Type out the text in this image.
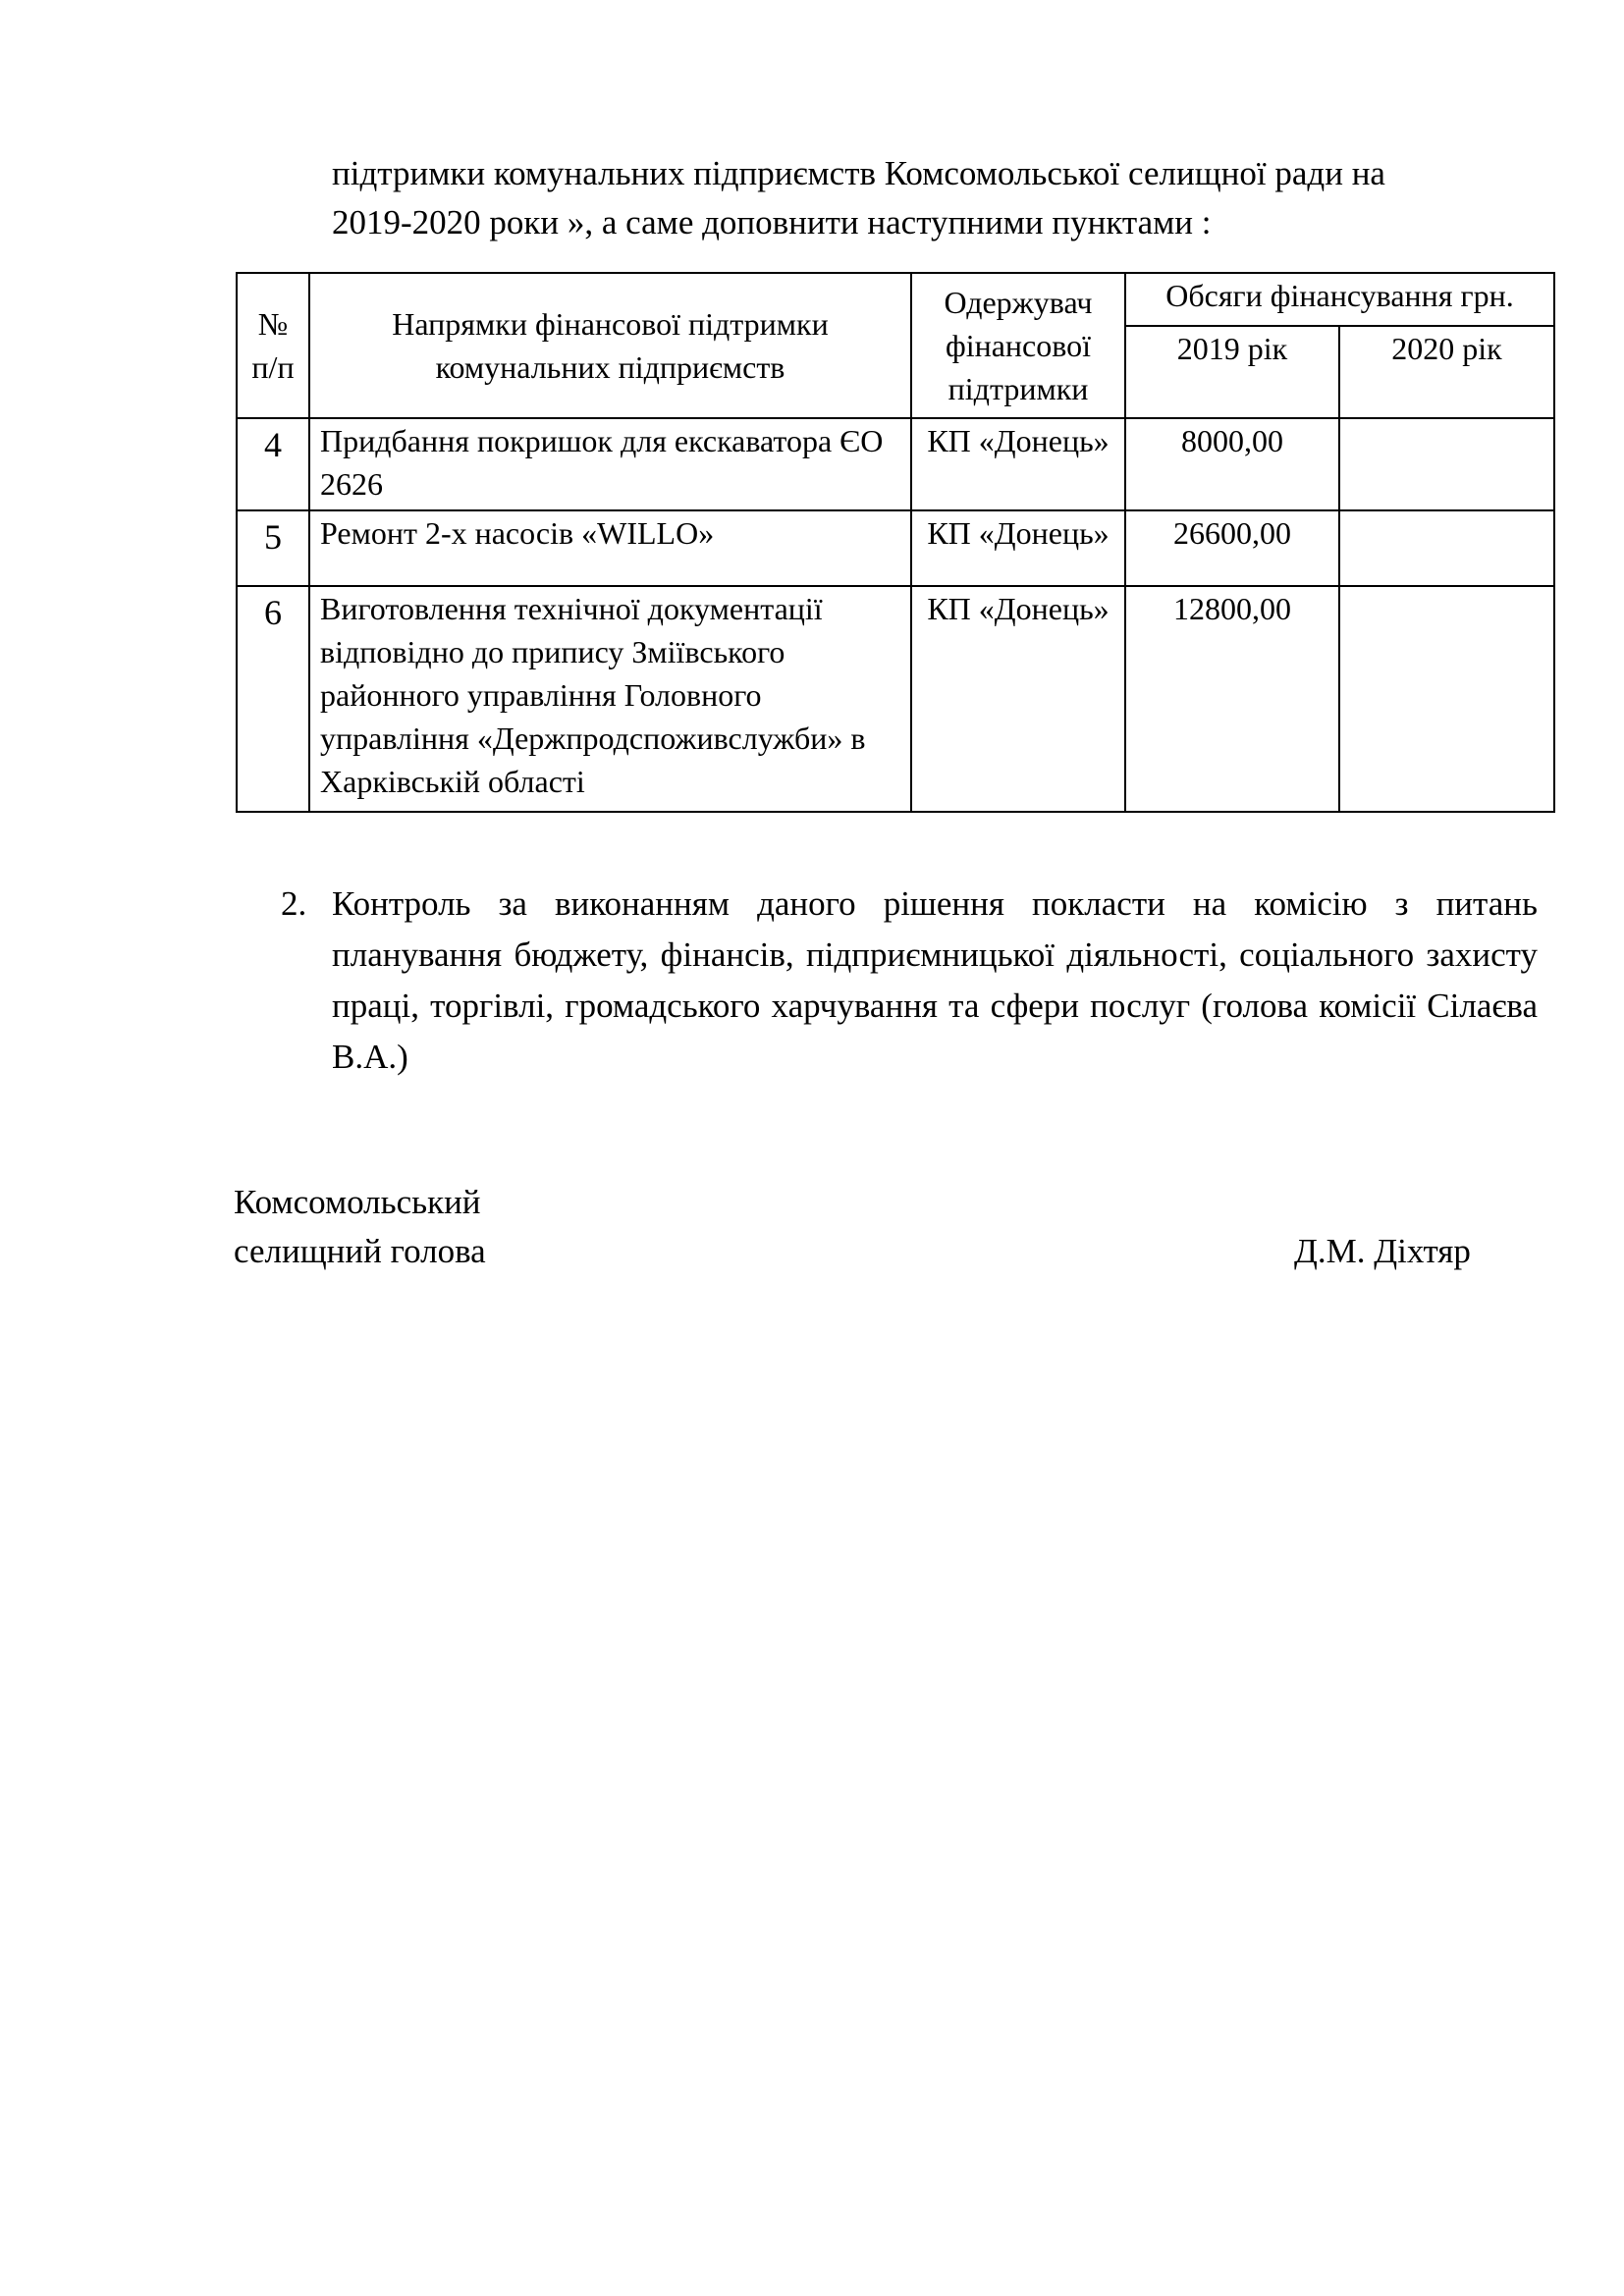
підтримки комунальних підприємств Комсомольської селищної ради на

2019-2020 роки », а саме доповнити наступними пунктами :

№ п/п	Напрямки фінансової підтримки комунальних підприємств	Одержувач фінансової підтримки	Обсяги фінансування грн.	
			2019 рік	2020 рік
4	Придбання покришок для екскаватора ЄО 2626	КП «Донець»	8000,00	
5	Ремонт 2-х насосів «WILLO»	КП «Донець»	26600,00	
6	Виготовлення технічної документації відповідно до припису Зміївського районного управління Головного управління «Держпродспоживслужби» в Харківській області	КП «Донець»	12800,00	
2. Контроль за виконанням даного рішення покласти на комісію з питань планування бюджету, фінансів, підприємницької діяльності, соціального захисту праці, торгівлі, громадського харчування та сфери послуг (голова комісії Сілаєва В.А.)
Комсомольський
селищний голова	Д.М. Діхтяр
